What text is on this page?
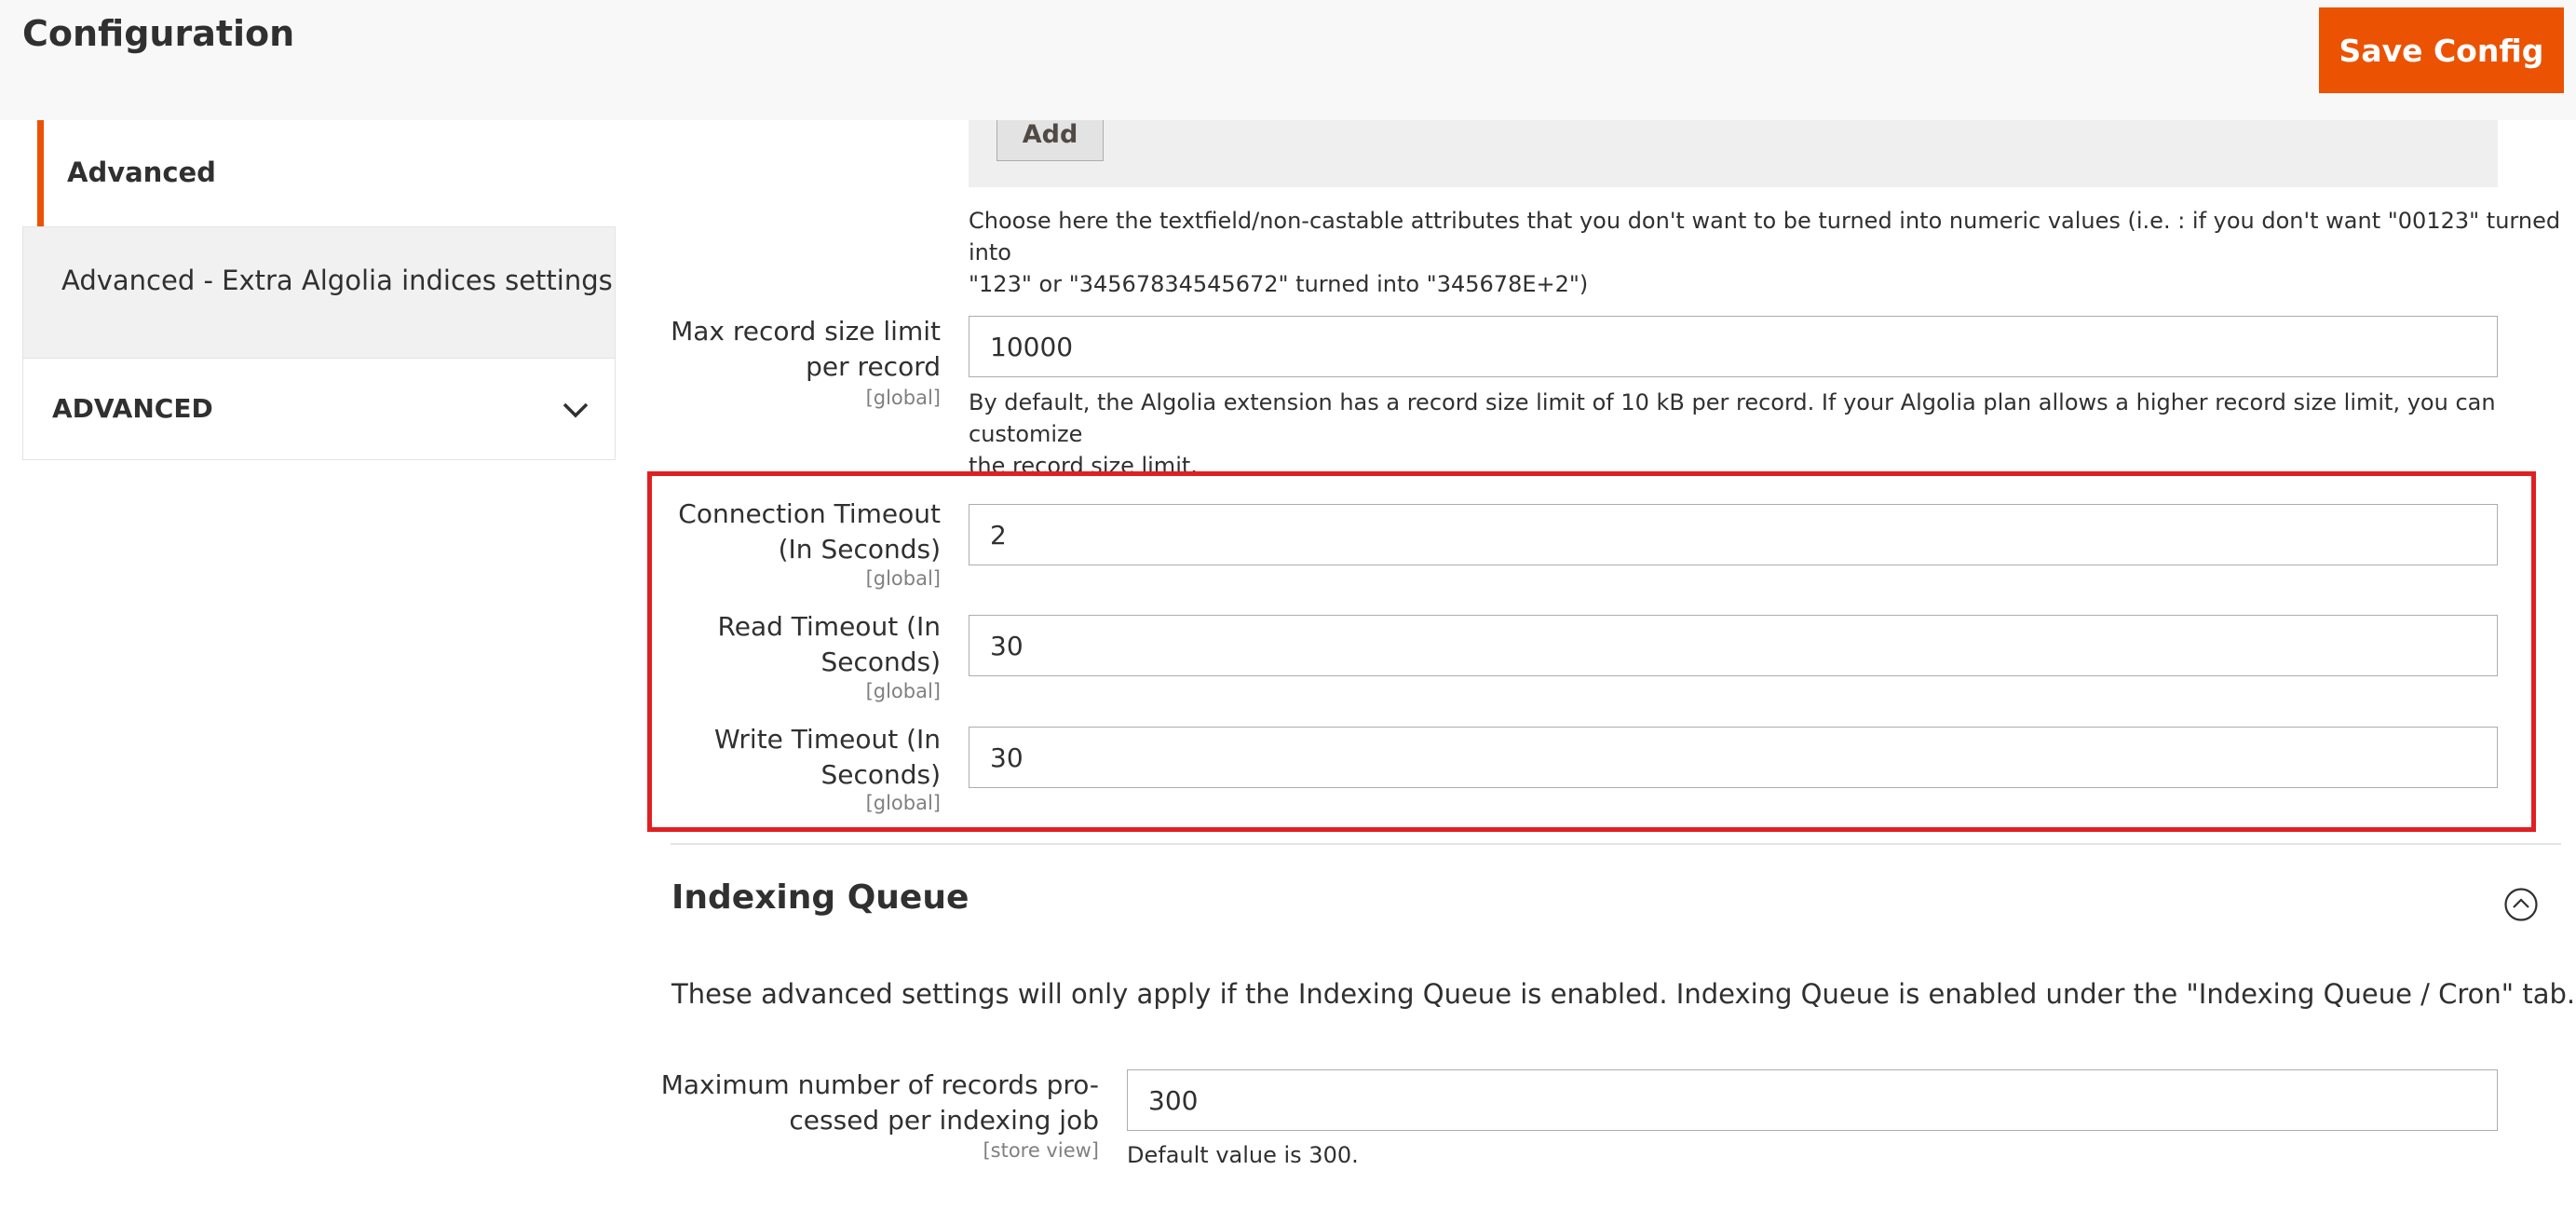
Configuration	Save Config
Advanced
Advanced - Extra Algolia indices settings
ADVANCED
Add
Choose here the textfield/non-castable attributes that you don't want to be turned into numeric values (i.e. : if you don't want "00123" turned into
"123" or "34567834545672" turned into "345678E+2")
Max record size limit
per record
[global]
10000 By default, the Algolia extension has a record size limit of 10 kB per record. If your Algolia plan allows a higher record size limit, you can customize
the record size limit.
Connection Timeout
(In Seconds)
[global]
2
Read Timeout (In
Seconds)
[global]
30
Write Timeout (In
Seconds)
[global]
30
Indexing Queue
These advanced settings will only apply if the Indexing Queue is enabled. Indexing Queue is enabled under the "Indexing Queue / Cron" tab.
Maximum number of records pro-
cessed per indexing job
[store view]
300 Default value is 300.
